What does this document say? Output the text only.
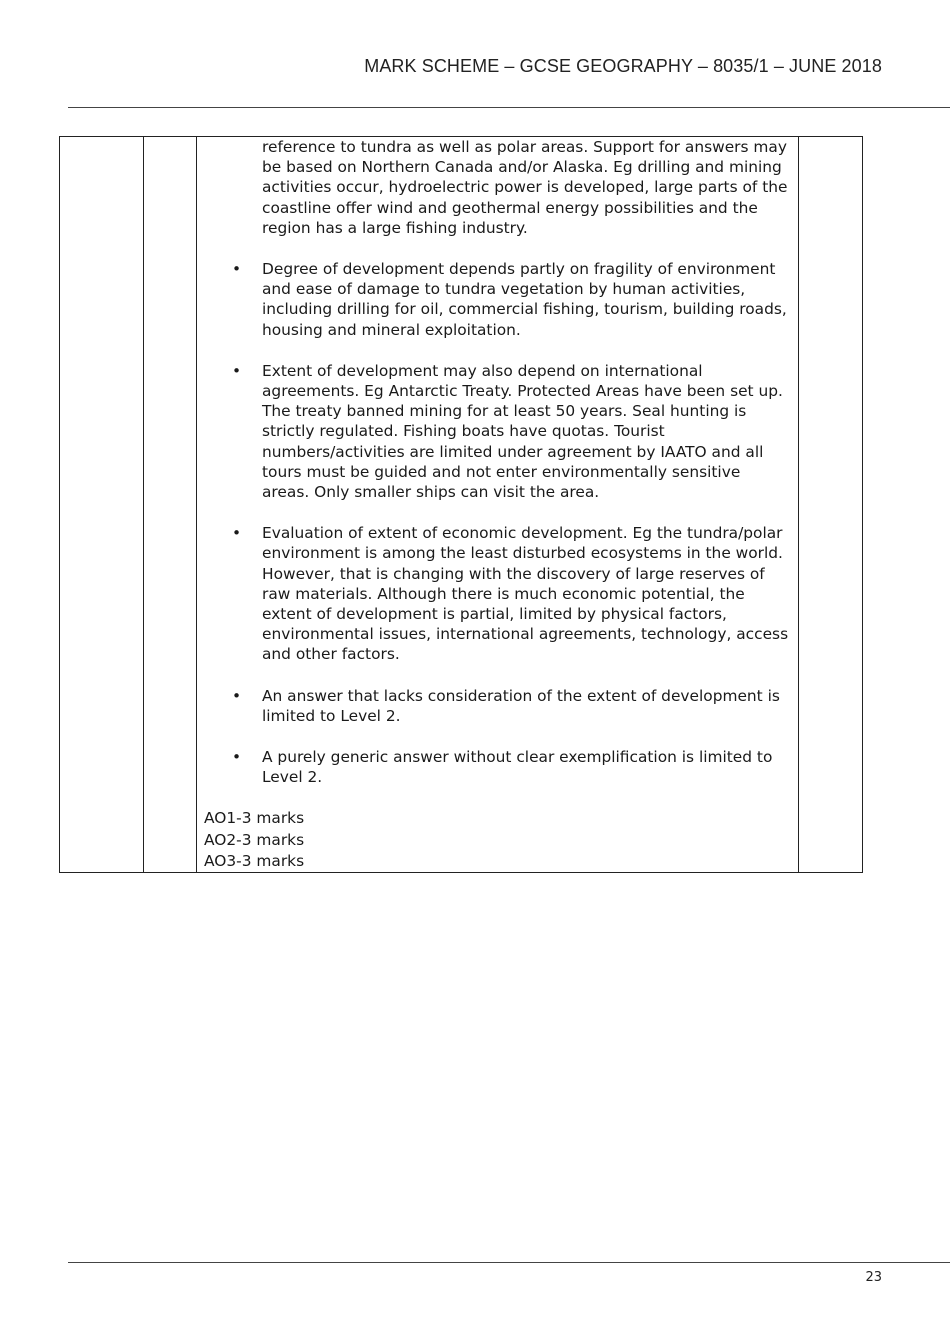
MARK SCHEME – GCSE GEOGRAPHY – 8035/1 – JUNE 2018

reference to tundra as well as polar areas. Support for answers may be based on Northern Canada and/or Alaska. Eg drilling and mining activities occur, hydroelectric power is developed, large parts of the coastline offer wind and geothermal energy possibilities and the region has a large fishing industry.

• Degree of development depends partly on fragility of environment and ease of damage to tundra vegetation by human activities, including drilling for oil, commercial fishing, tourism, building roads, housing and mineral exploitation.
• Extent of development may also depend on international agreements. Eg Antarctic Treaty. Protected Areas have been set up. The treaty banned mining for at least 50 years. Seal hunting is strictly regulated. Fishing boats have quotas. Tourist numbers/activities are limited under agreement by IAATO and all tours must be guided and not enter environmentally sensitive areas. Only smaller ships can visit the area.
• Evaluation of extent of economic development. Eg the tundra/polar environment is among the least disturbed ecosystems in the world. However, that is changing with the discovery of large reserves of raw materials. Although there is much economic potential, the extent of development is partial, limited by physical factors, environmental issues, international agreements, technology, access and other factors.
• An answer that lacks consideration of the extent of development is limited to Level 2.
• A purely generic answer without clear exemplification is limited to Level 2.

AO1-3 marks

AO2-3 marks

AO3-3 marks

23
